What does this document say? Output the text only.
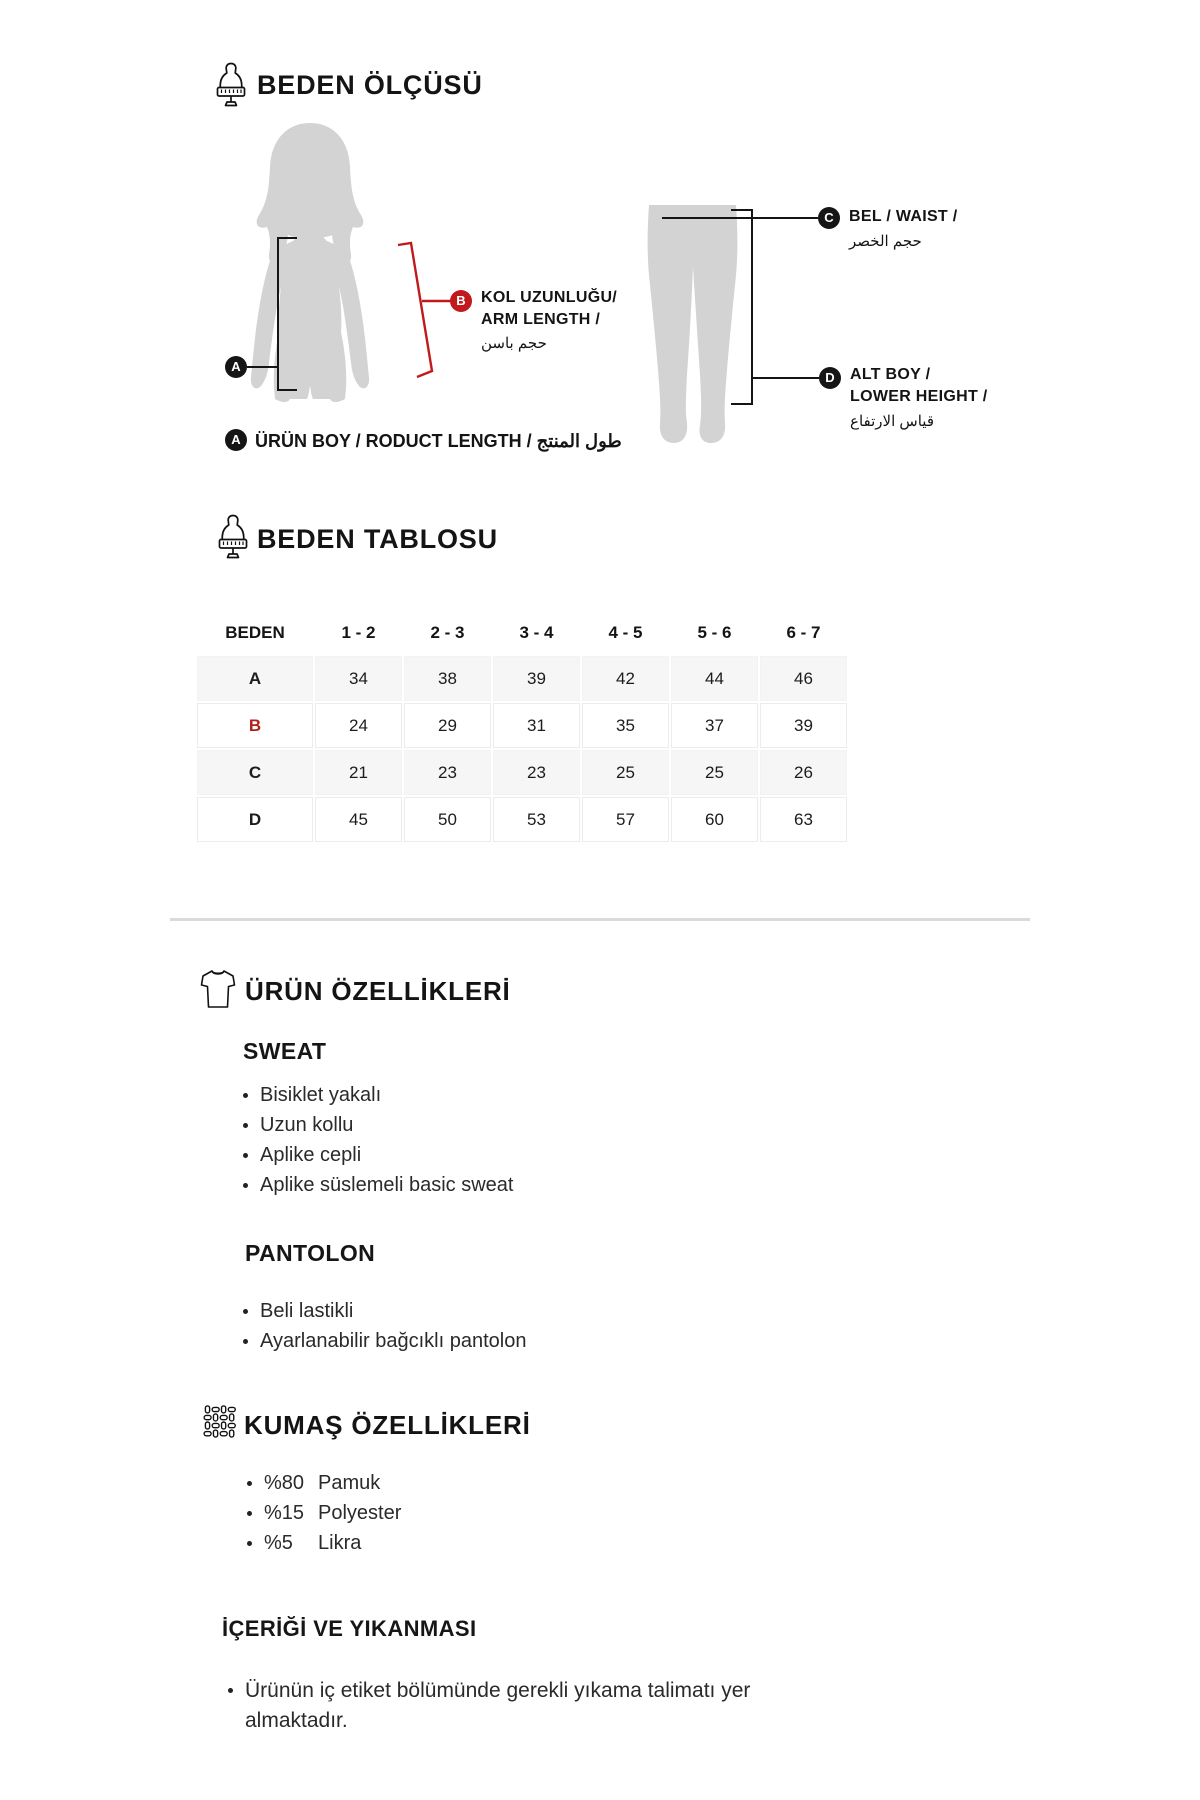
BEDEN ÖLÇÜSÜ
A
B KOL UZUNLUĞU/
ARM LENGTH /
حجم باسن
C BEL / WAIST /
حجم الخصر
D ALT BOY /
LOWER HEIGHT /
قياس الارتفاع
A ÜRÜN BOY / RODUCT LENGTH / طول المنتج
BEDEN TABLOSU
BEDEN	1 - 2	2 - 3	3 - 4	4 - 5	5 - 6	6 - 7
A	34	38	39	42	44	46
B	24	29	31	35	37	39
C	21	23	23	25	25	26
D	45	50	53	57	60	63
ÜRÜN ÖZELLİKLERİ
SWEAT
Bisiklet yakalı
Uzun kollu
Aplike cepli
Aplike süslemeli basic sweat
PANTOLON
Beli lastikli
Ayarlanabilir bağcıklı pantolon
KUMAŞ ÖZELLİKLERİ
%80 Pamuk
%15 Polyester
%5	Likra
İÇERİĞİ VE YIKANMASI
Ürünün iç etiket bölümünde gerekli yıkama talimatı yer almaktadır.
